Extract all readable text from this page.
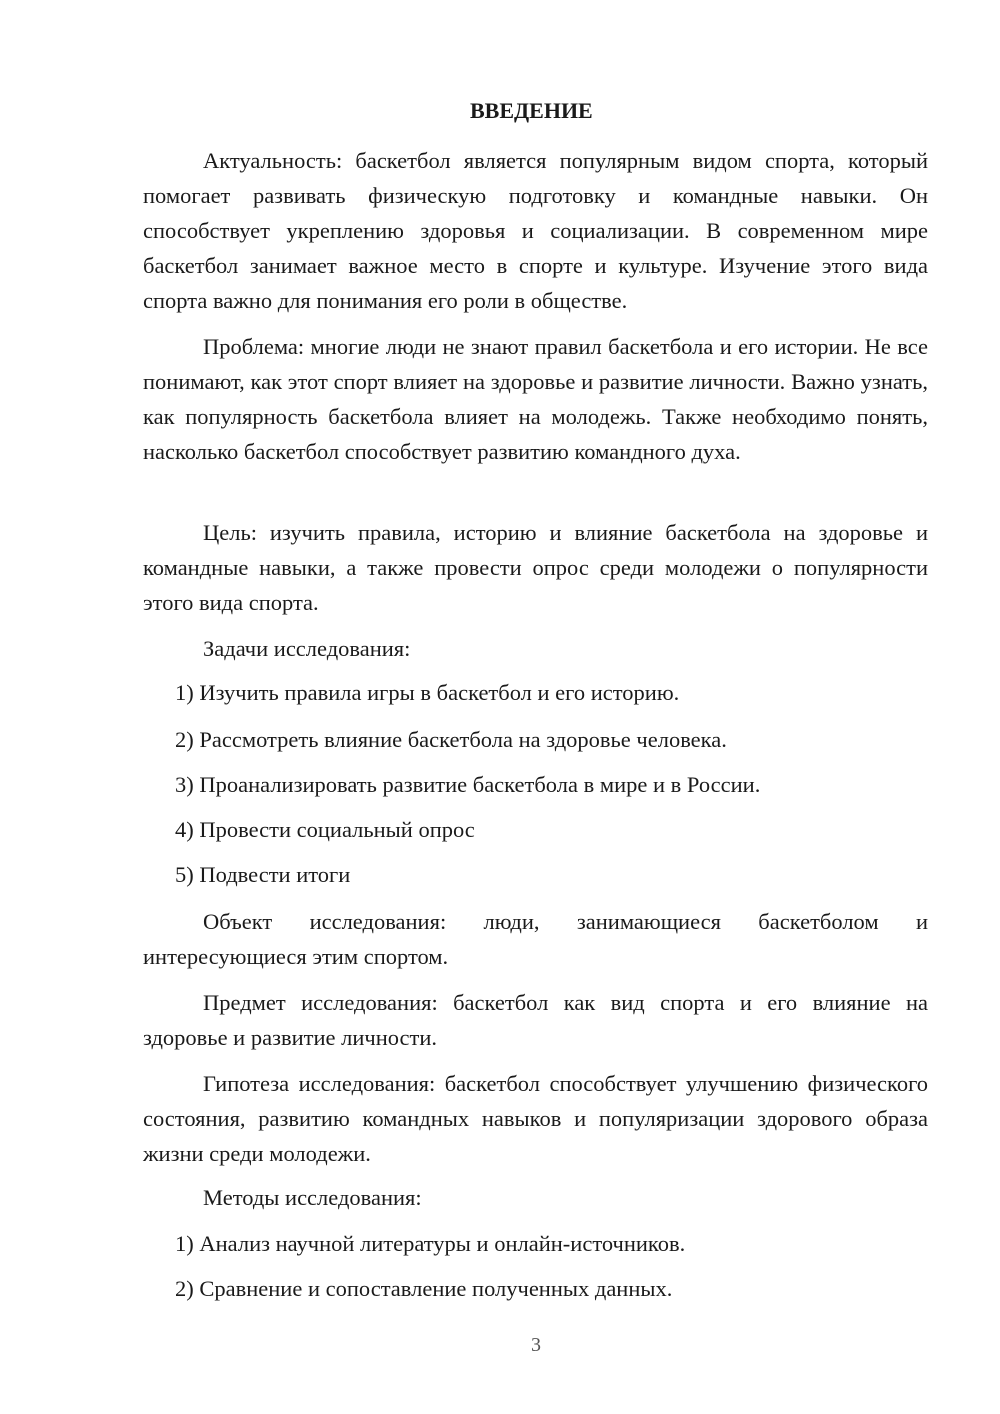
ВВЕДЕНИЕ

Актуальность: баскетбол является популярным видом спорта, который помогает развивать физическую подготовку и командные навыки. Он способствует укреплению здоровья и социализации. В современном мире баскетбол занимает важное место в спорте и культуре. Изучение этого вида спорта важно для понимания его роли в обществе.

Проблема: многие люди не знают правил баскетбола и его истории. Не все понимают, как этот спорт влияет на здоровье и развитие личности. Важно узнать, как популярность баскетбола влияет на молодежь. Также необходимо понять, насколько баскетбол способствует развитию командного духа.

Цель: изучить правила, историю и влияние баскетбола на здоровье и командные навыки, а также провести опрос среди молодежи о популярности этого вида спорта.

Задачи исследования:

1) Изучить правила игры в баскетбол и его историю.

2) Рассмотреть влияние баскетбола на здоровье человека.

3) Проанализировать развитие баскетбола в мире и в России.

4) Провести социальный опрос

5) Подвести итоги

Объект исследования: люди, занимающиеся баскетболом и интересующиеся этим спортом.

Предмет исследования: баскетбол как вид спорта и его влияние на здоровье и развитие личности.

Гипотеза исследования: баскетбол способствует улучшению физического состояния, развитию командных навыков и популяризации здорового образа жизни среди молодежи.

Методы исследования:

1) Анализ научной литературы и онлайн-источников.

2) Сравнение и сопоставление полученных данных.

3
